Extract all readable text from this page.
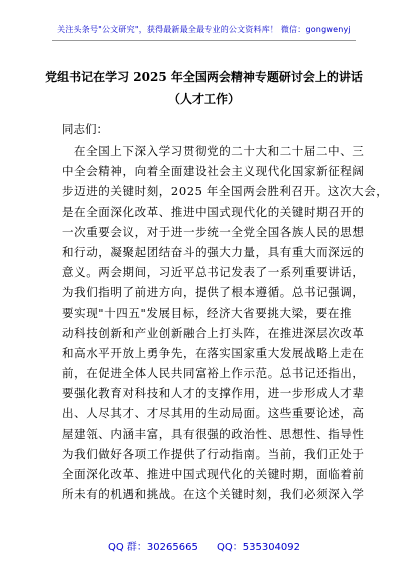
关注头条号"公文研究"，获得最新最全最专业的公文资料库！ 微信：gongwenyj
党组书记在学习 2025 年全国两会精神专题研讨会上的讲话
（人才工作）
同志们：
在全国上下深入学习贯彻党的二十大和二十届二中、三
中全会精神，向着全面建设社会主义现代化国家新征程阔
步迈进的关键时刻，2025 年全国两会胜利召开。这次大会，
是在全面深化改革、推进中国式现代化的关键时期召开的
一次重要会议，对于进一步统一全党全国各族人民的思想
和行动，凝聚起团结奋斗的强大力量，具有重大而深远的
意义。两会期间，习近平总书记发表了一系列重要讲话，
为我们指明了前进方向，提供了根本遵循。总书记强调，
要实现"十四五"发展目标，经济大省要挑大梁，要在推
动科技创新和产业创新融合上打头阵，在推进深层次改革
和高水平开放上勇争先，在落实国家重大发展战略上走在
前，在促进全体人民共同富裕上作示范。总书记还指出，
要强化教育对科技和人才的支撑作用，进一步形成人才辈
出、人尽其才、才尽其用的生动局面。这些重要论述，高
屋建瓴、内涵丰富，具有很强的政治性、思想性、指导性
为我们做好各项工作提供了行动指南。当前，我们正处于
全面深化改革、推进中国式现代化的关键时期，面临着前
所未有的机遇和挑战。在这个关键时刻，我们必须深入学
QQ 群：30265665 QQ：535304092
